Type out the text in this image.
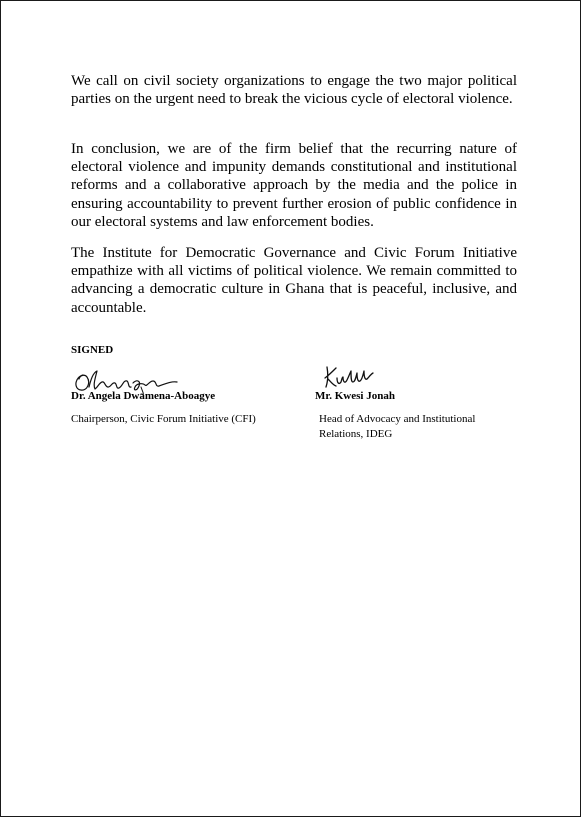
We call on civil society organizations to engage the two major political parties on the urgent need to break the vicious cycle of electoral violence.

In conclusion, we are of the firm belief that the recurring nature of electoral violence and impunity demands constitutional and institutional reforms and a collaborative approach by the media and the police in ensuring accountability to prevent further erosion of public confidence in our electoral systems and law enforcement bodies.

The Institute for Democratic Governance and Civic Forum Initiative empathize with all victims of political violence. We remain committed to advancing a democratic culture in Ghana that is peaceful, inclusive, and accountable.

SIGNED

Dr. Angela Dwamena-Aboagye	Mr. Kwesi Jonah

Chairperson, Civic Forum Initiative (CFI)	Head of Advocacy and Institutional Relations, IDEG
